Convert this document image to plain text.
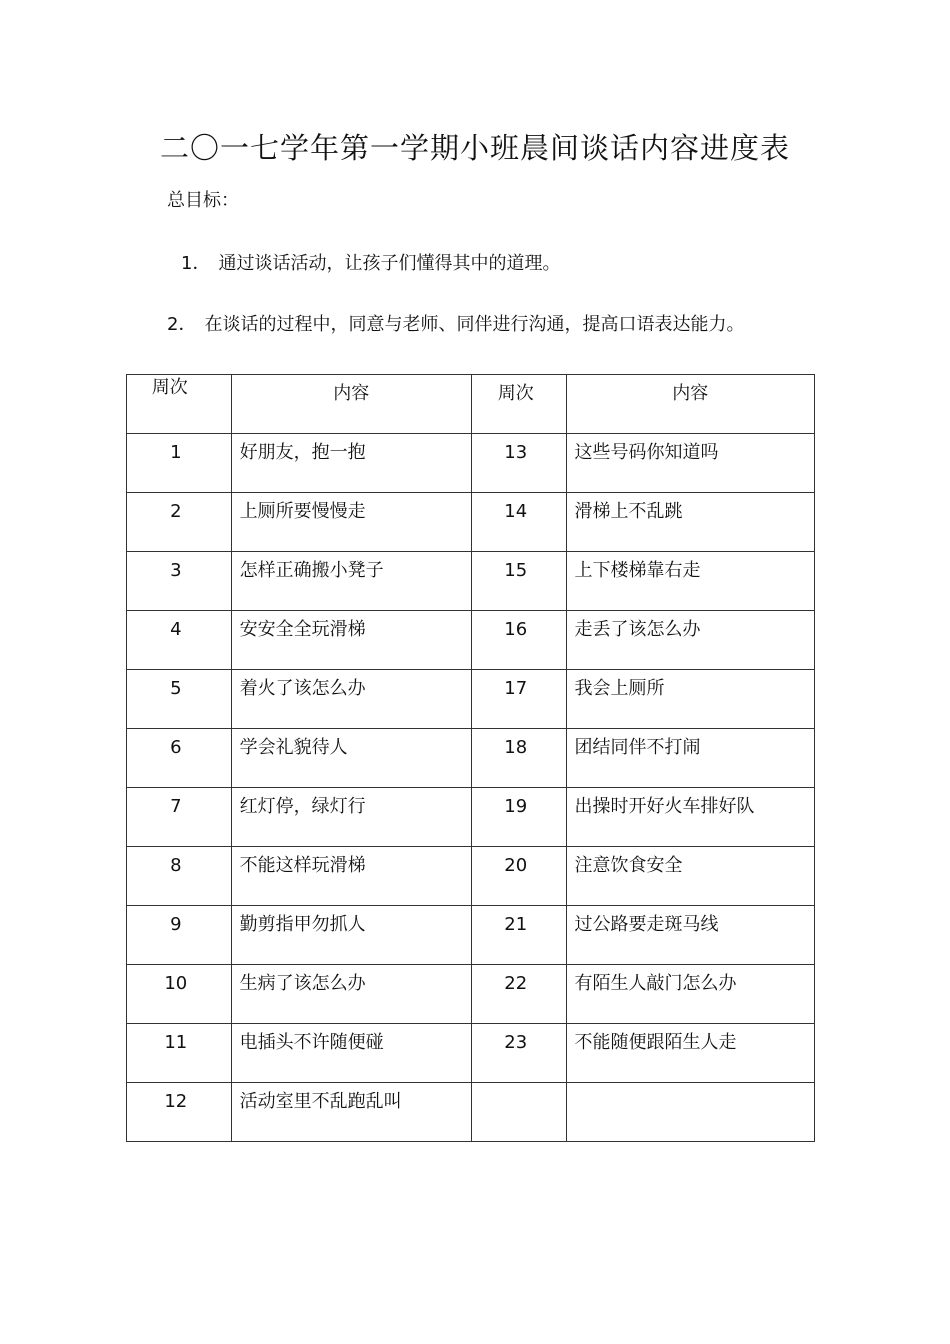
二〇一七学年第一学期小班晨间谈话内容进度表
总目标：
1． 通过谈话活动，让孩子们懂得其中的道理。
2． 在谈话的过程中，同意与老师、同伴进行沟通，提高口语表达能力。
周次	内容	周次	内容

1	好朋友，抱一抱	13	这些号码你知道吗

2	上厕所要慢慢走	14	滑梯上不乱跳

3	怎样正确搬小凳子	15	上下楼梯靠右走

4	安安全全玩滑梯	16	走丢了该怎么办

5	着火了该怎么办	17	我会上厕所

6	学会礼貌待人	18	团结同伴不打闹

7	红灯停，绿灯行	19	出操时开好火车排好队

8	不能这样玩滑梯	20	注意饮食安全

9	勤剪指甲勿抓人	21	过公路要走斑马线

10	生病了该怎么办	22	有陌生人敲门怎么办

11	电插头不许随便碰	23	不能随便跟陌生人走

12	活动室里不乱跑乱叫		
